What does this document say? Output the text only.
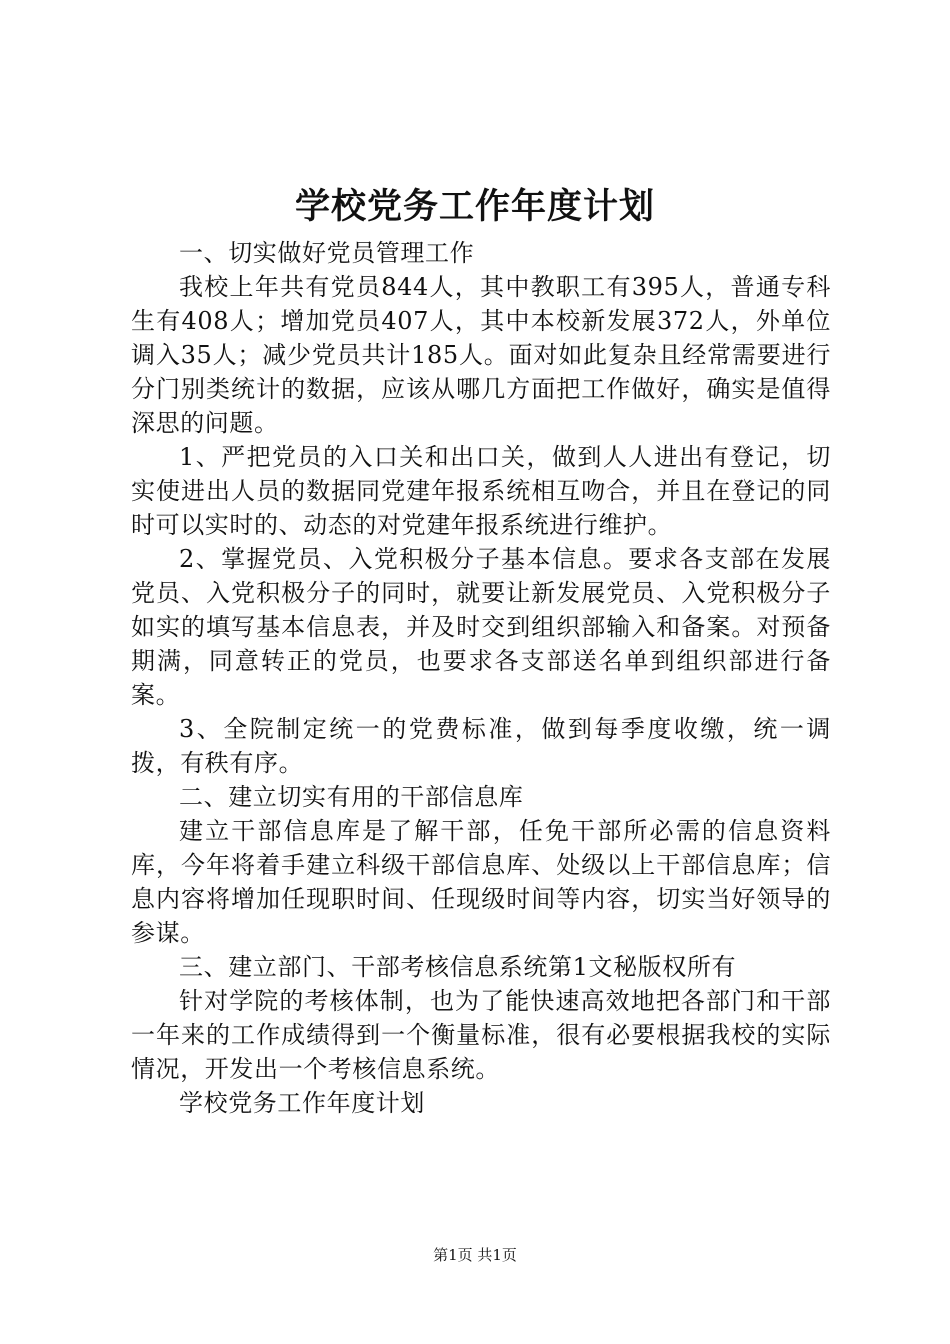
学校党务工作年度计划

一、切实做好党员管理工作

我校上年共有党员844人，其中教职工有395人，普通专科生有408人；增加党员407人，其中本校新发展372人，外单位调入35人；减少党员共计185人。面对如此复杂且经常需要进行分门别类统计的数据，应该从哪几方面把工作做好，确实是值得深思的问题。

1、严把党员的入口关和出口关，做到人人进出有登记，切实使进出人员的数据同党建年报系统相互吻合，并且在登记的同时可以实时的、动态的对党建年报系统进行维护。

2、掌握党员、入党积极分子基本信息。要求各支部在发展党员、入党积极分子的同时，就要让新发展党员、入党积极分子如实的填写基本信息表，并及时交到组织部输入和备案。对预备期满，同意转正的党员，也要求各支部送名单到组织部进行备案。

3、全院制定统一的党费标准，做到每季度收缴，统一调拨，有秩有序。

二、建立切实有用的干部信息库

建立干部信息库是了解干部，任免干部所必需的信息资料库，今年将着手建立科级干部信息库、处级以上干部信息库；信息内容将增加任现职时间、任现级时间等内容，切实当好领导的参谋。

三、建立部门、干部考核信息系统第1文秘版权所有

针对学院的考核体制，也为了能快速高效地把各部门和干部一年来的工作成绩得到一个衡量标准，很有必要根据我校的实际情况，开发出一个考核信息系统。

学校党务工作年度计划

第1页 共1页
